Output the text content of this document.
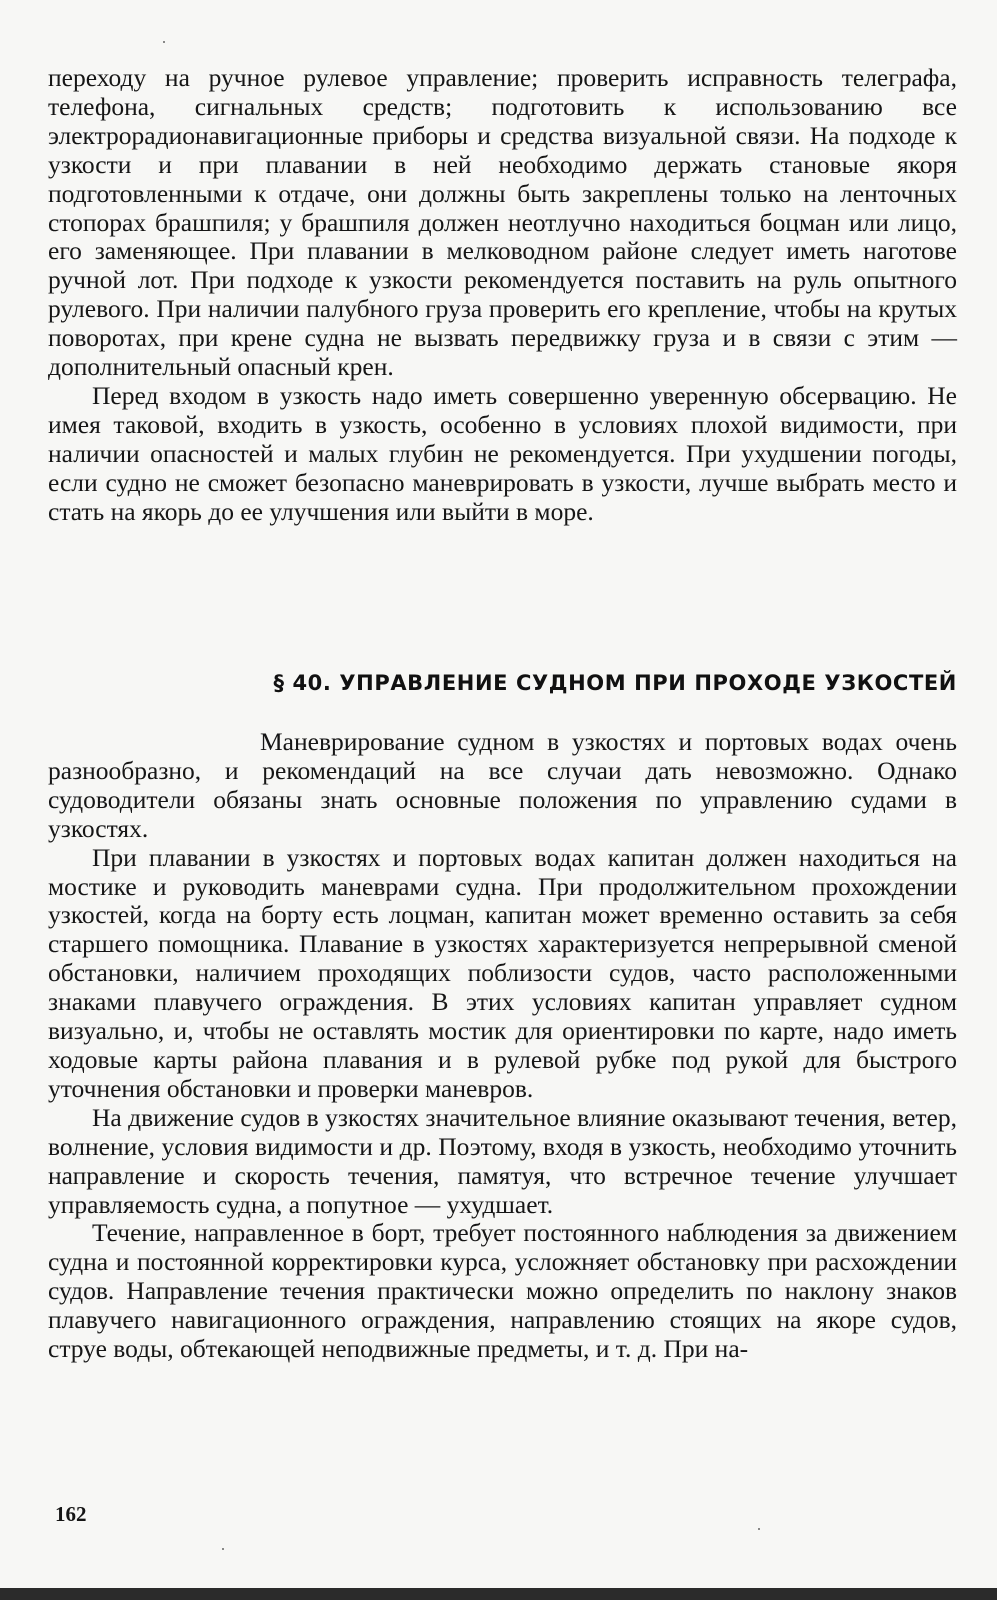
переходу на ручное рулевое управление; проверить исправность телеграфа, телефона, сигнальных средств; подготовить к использованию все электрорадионавигационные приборы и средства визуальной связи. На подходе к узкости и при плавании в ней необходимо держать становые якоря подготовленными к отдаче, они должны быть закреплены только на ленточных стопорах брашпиля; у брашпиля должен неотлучно находиться боцман или лицо, его заменяющее. При плавании в мелководном районе следует иметь наготове ручной лот. При подходе к узкости рекомендуется поставить на руль опытного рулевого. При наличии палубного груза проверить его крепление, чтобы на крутых поворотах, при крене судна не вызвать передвижку груза и в связи с этим — дополнительный опасный крен.

Перед входом в узкость надо иметь совершенно уверенную обсервацию. Не имея таковой, входить в узкость, особенно в условиях плохой видимости, при наличии опасностей и малых глубин не рекомендуется. При ухудшении погоды, если судно не сможет безопасно маневрировать в узкости, лучше выбрать место и стать на якорь до ее улучшения или выйти в море.

§ 40. УПРАВЛЕНИЕ СУДНОМ ПРИ ПРОХОДЕ УЗКОСТЕЙ

Маневрирование судном в узкостях и портовых водах очень разнообразно, и рекомендаций на все случаи дать невозможно. Однако судоводители обязаны знать основные положения по управлению судами в узкостях.

При плавании в узкостях и портовых водах капитан должен находиться на мостике и руководить маневрами судна. При продолжительном прохождении узкостей, когда на борту есть лоцман, капитан может временно оставить за себя старшего помощника. Плавание в узкостях характеризуется непрерывной сменой обстановки, наличием проходящих поблизости судов, часто расположенными знаками плавучего ограждения. В этих условиях капитан управляет судном визуально, и, чтобы не оставлять мостик для ориентировки по карте, надо иметь ходовые карты района плавания и в рулевой рубке под рукой для быстрого уточнения обстановки и проверки маневров.

На движение судов в узкостях значительное влияние оказывают течения, ветер, волнение, условия видимости и др. Поэтому, входя в узкость, необходимо уточнить направление и скорость течения, памятуя, что встречное течение улучшает управляемость судна, а попутное — ухудшает.

Течение, направленное в борт, требует постоянного наблюдения за движением судна и постоянной корректировки курса, усложняет обстановку при расхождении судов. Направление течения практически можно определить по наклону знаков плавучего навигационного ограждения, направлению стоящих на якоре судов, струе воды, обтекающей неподвижные предметы, и т. д. При на-

162
